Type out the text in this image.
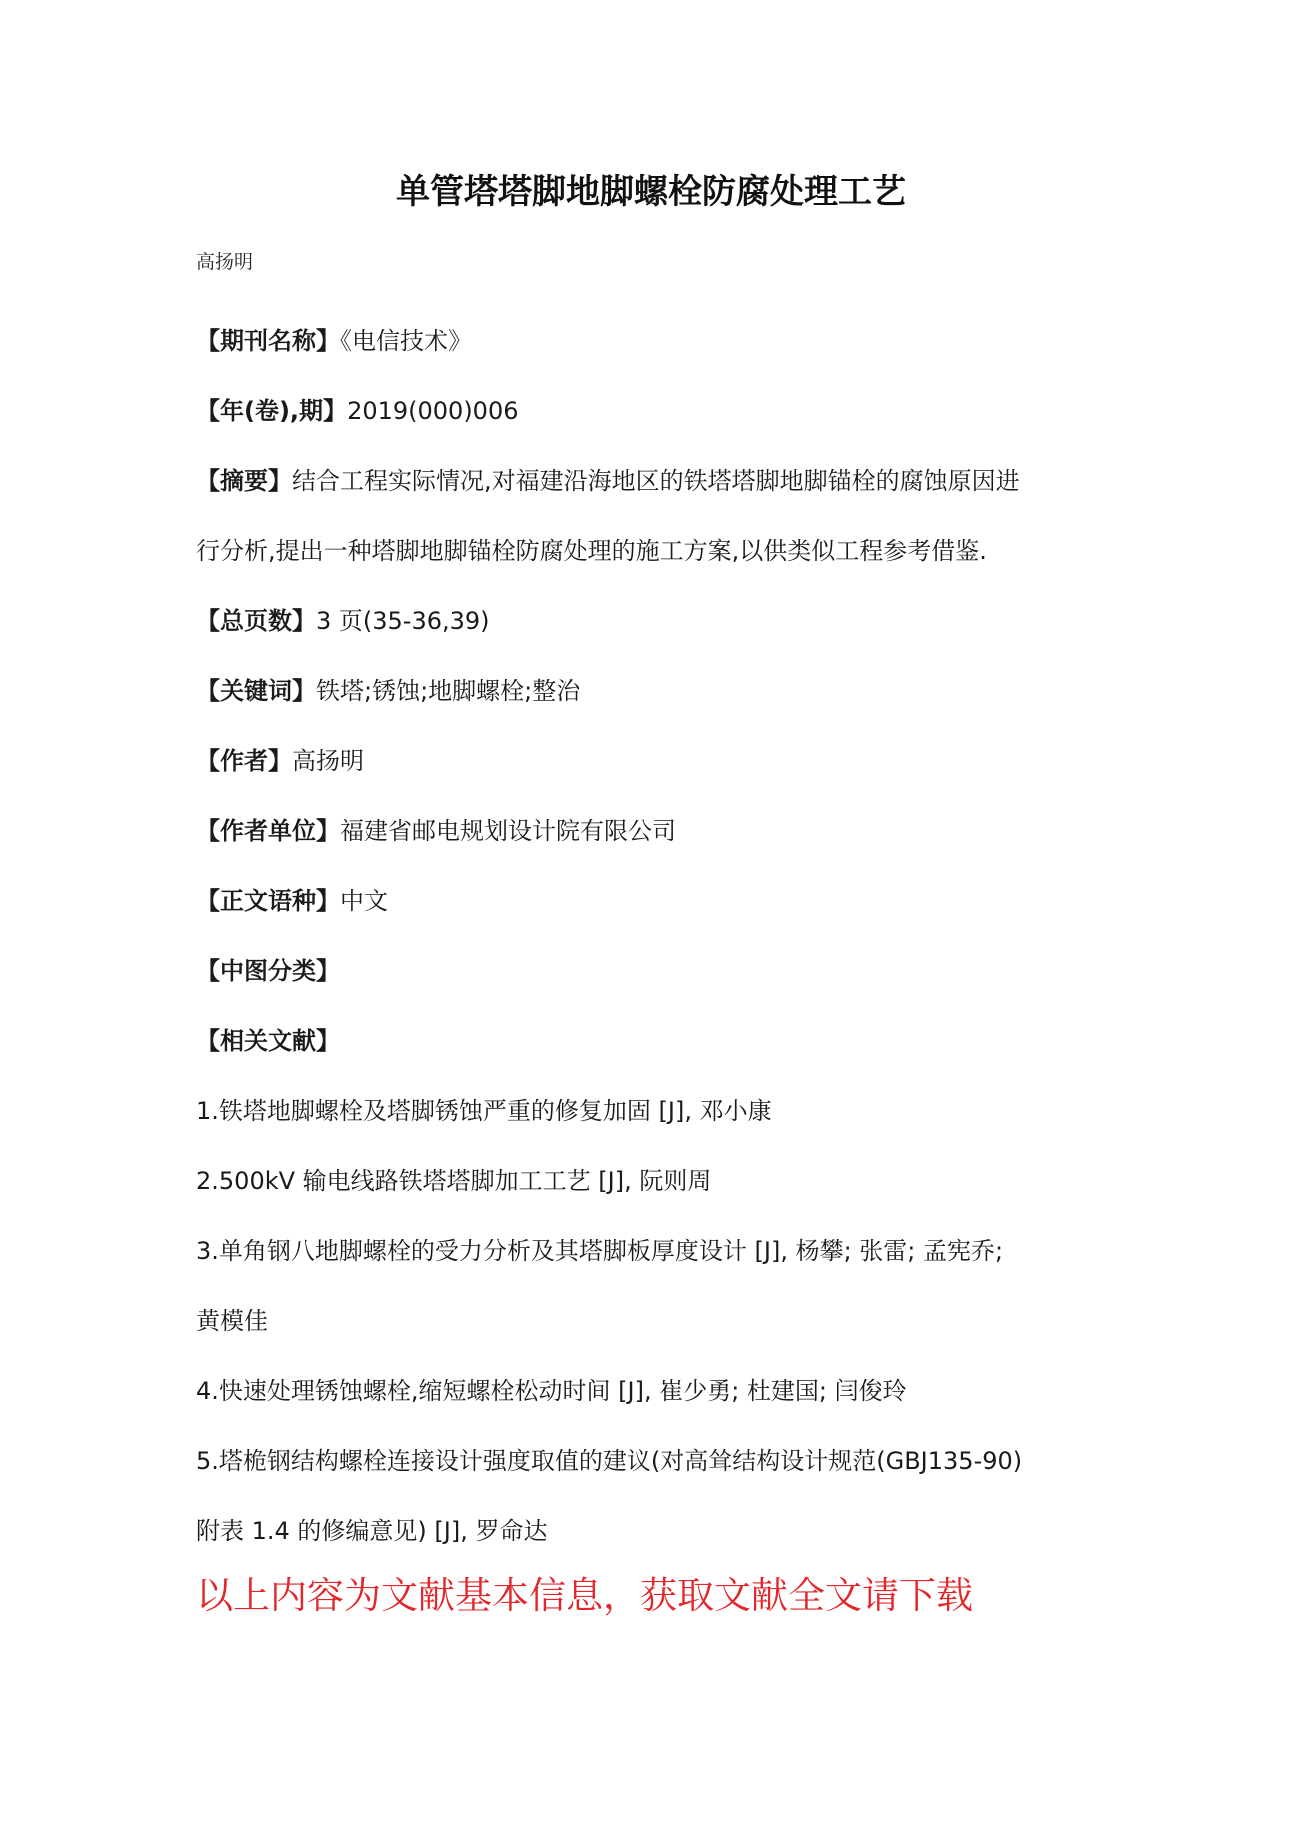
单管塔塔脚地脚螺栓防腐处理工艺
高扬明

【期刊名称】《电信技术》

【年(卷),期】2019(000)006

【摘要】结合工程实际情况,对福建沿海地区的铁塔塔脚地脚锚栓的腐蚀原因进

行分析,提出一种塔脚地脚锚栓防腐处理的施工方案,以供类似工程参考借鉴.

【总页数】3 页(35-36,39)

【关键词】铁塔;锈蚀;地脚螺栓;整治

【作者】高扬明

【作者单位】福建省邮电规划设计院有限公司

【正文语种】中文

【中图分类】

【相关文献】

1.铁塔地脚螺栓及塔脚锈蚀严重的修复加固 [J], 邓小康

2.500kV 输电线路铁塔塔脚加工工艺 [J], 阮则周

3.单角钢八地脚螺栓的受力分析及其塔脚板厚度设计 [J], 杨攀; 张雷; 孟宪乔;

黄模佳

4.快速处理锈蚀螺栓,缩短螺栓松动时间 [J], 崔少勇; 杜建国; 闫俊玲

5.塔桅钢结构螺栓连接设计强度取值的建议(对高耸结构设计规范(GBJ135-90)

附表 1.4 的修编意见) [J], 罗命达

以上内容为文献基本信息，获取文献全文请下载
